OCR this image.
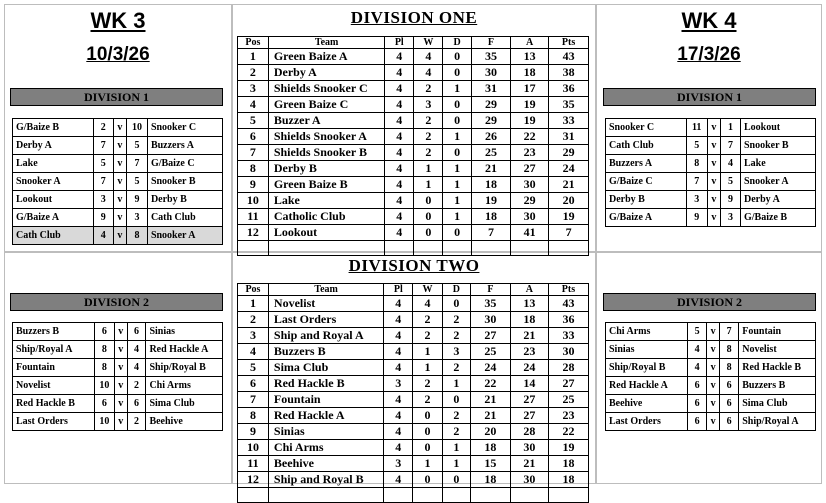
WK 3
10/3/26
DIVISION 1
G/Baize B	2	v	10	Snooker C
Derby A	7	v	5	Buzzers A
Lake	5	v	7	G/Baize C
Snooker A	7	v	5	Snooker B
Lookout	3	v	9	Derby B
G/Baize A	9	v	3	Cath Club
Cath Club	4	v	8	Snooker A
DIVISION 2
Buzzers B	6	v	6	Sinias
Ship/Royal A	8	v	4	Red Hackle A
Fountain	8	v	4	Ship/Royal B
Novelist	10	v	2	Chi Arms
Red Hackle B	6	v	6	Sima Club
Last Orders	10	v	2	Beehive
WK 4
17/3/26
DIVISION 1
Snooker C	11	v	1	Lookout
Cath Club	5	v	7	Snooker B
Buzzers A	8	v	4	Lake
G/Baize C	7	v	5	Snooker A
Derby B	3	v	9	Derby A
G/Baize A	9	v	3	G/Baize B
DIVISION 2
Chi Arms	5	v	7	Fountain
Sinias	4	v	8	Novelist
Ship/Royal B	4	v	8	Red Hackle B
Red Hackle A	6	v	6	Buzzers B
Beehive	6	v	6	Sima Club
Last Orders	6	v	6	Ship/Royal A
DIVISION ONE
Pos	Team	Pl	W	D	F	A	Pts
1	Green Baize A	4	4	0	35	13	43
2	Derby A	4	4	0	30	18	38
3	Shields Snooker C	4	2	1	31	17	36
4	Green Baize C	4	3	0	29	19	35
5	Buzzer A	4	2	0	29	19	33
6	Shields Snooker A	4	2	1	26	22	31
7	Shields Snooker B	4	2	0	25	23	29
8	Derby B	4	1	1	21	27	24
9	Green Baize B	4	1	1	18	30	21
10	Lake	4	0	1	19	29	20
11	Catholic Club	4	0	1	18	30	19
12	Lookout	4	0	0	7	41	7

DIVISION TWO
Pos	Team	Pl	W	D	F	A	Pts
1	Novelist	4	4	0	35	13	43
2	Last Orders	4	2	2	30	18	36
3	Ship and Royal A	4	2	2	27	21	33
4	Buzzers B	4	1	3	25	23	30
5	Sima Club	4	1	2	24	24	28
6	Red Hackle B	3	2	1	22	14	27
7	Fountain	4	2	0	21	27	25
8	Red Hackle A	4	0	2	21	27	23
9	Sinias	4	0	2	20	28	22
10	Chi Arms	4	0	1	18	30	19
11	Beehive	3	1	1	15	21	18
12	Ship and Royal B	4	0	0	18	30	18
